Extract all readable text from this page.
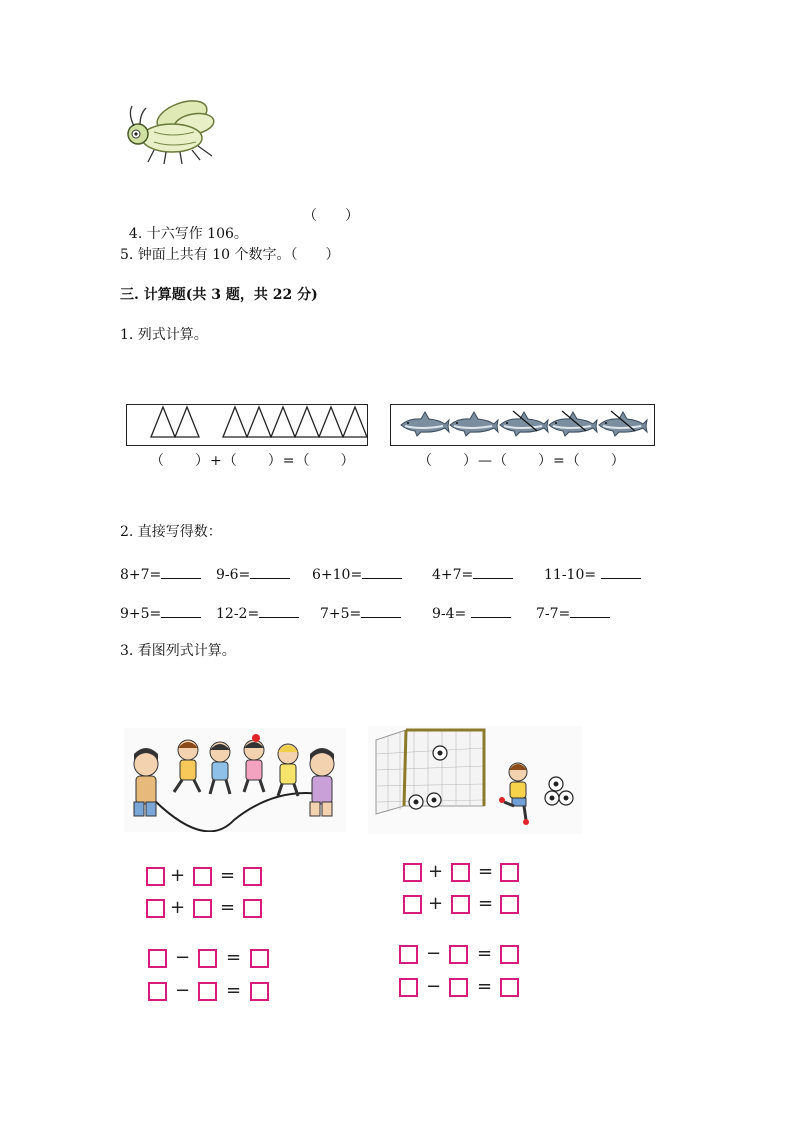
4. 十六写作 106。

（　　）
5. 钟面上共有 10 个数字。（　　）
三. 计算题(共 3 题，共 22 分)
1. 列式计算。
（　　）+（　　）=（　　）	（　　）—（　　）=（　　）
2. 直接写得数：
8+7=	9-6=	6+10=	4+7=	11-10=
9+5=	12-2=	7+5=	9-4=	7-7=
3. 看图列式计算。
+ =
+ =
− =
− =
+ =
+ =
− =
− =
